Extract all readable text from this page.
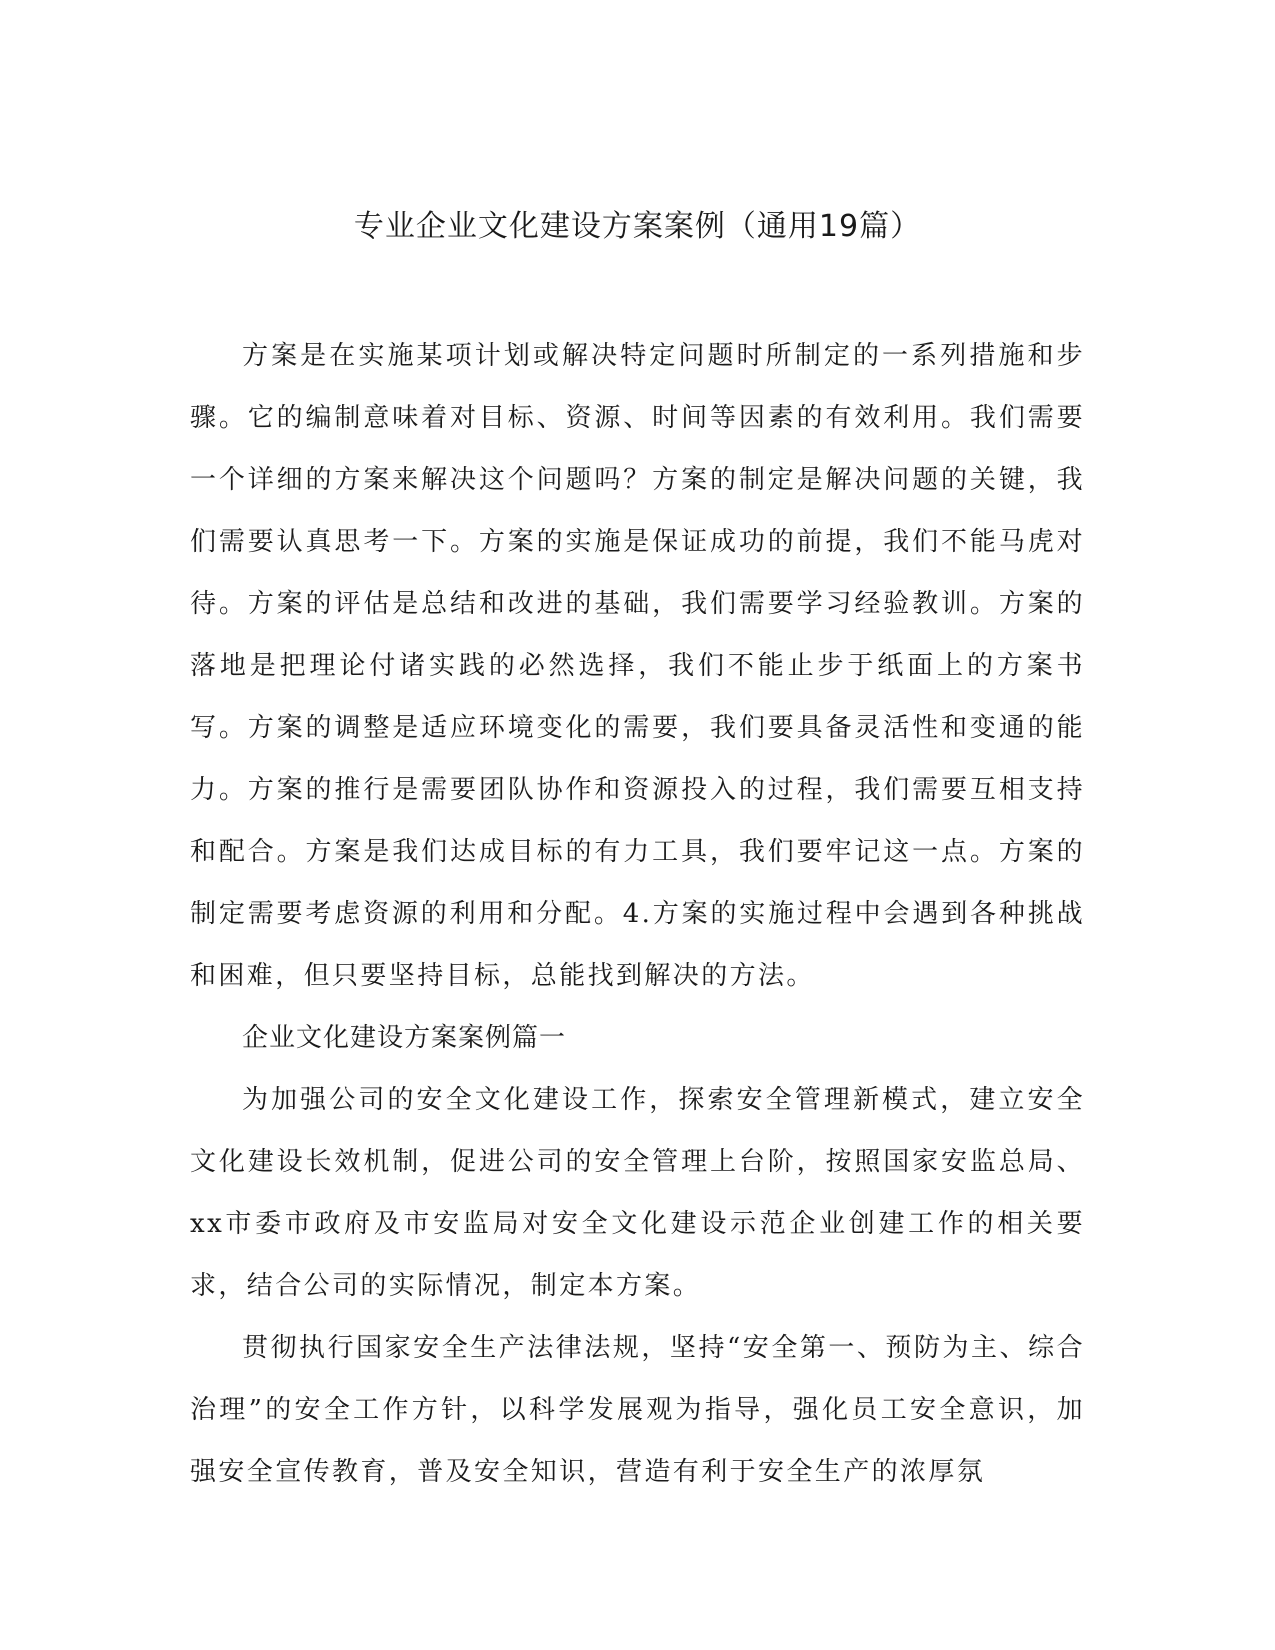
专业企业文化建设方案案例（通用19篇）

方案是在实施某项计划或解决特定问题时所制定的一系列措施和步骤。它的编制意味着对目标、资源、时间等因素的有效利用。我们需要一个详细的方案来解决这个问题吗？方案的制定是解决问题的关键，我们需要认真思考一下。方案的实施是保证成功的前提，我们不能马虎对待。方案的评估是总结和改进的基础，我们需要学习经验教训。方案的落地是把理论付诸实践的必然选择，我们不能止步于纸面上的方案书写。方案的调整是适应环境变化的需要，我们要具备灵活性和变通的能力。方案的推行是需要团队协作和资源投入的过程，我们需要互相支持和配合。方案是我们达成目标的有力工具，我们要牢记这一点。方案的制定需要考虑资源的利用和分配。4.方案的实施过程中会遇到各种挑战和困难，但只要坚持目标，总能找到解决的方法。

企业文化建设方案案例篇一

为加强公司的安全文化建设工作，探索安全管理新模式，建立安全文化建设长效机制，促进公司的安全管理上台阶，按照国家安监总局、xx市委市政府及市安监局对安全文化建设示范企业创建工作的相关要求，结合公司的实际情况，制定本方案。

贯彻执行国家安全生产法律法规，坚持“安全第一、预防为主、综合治理”的安全工作方针，以科学发展观为指导，强化员工安全意识，加强安全宣传教育，普及安全知识，营造有利于安全生产的浓厚氛
